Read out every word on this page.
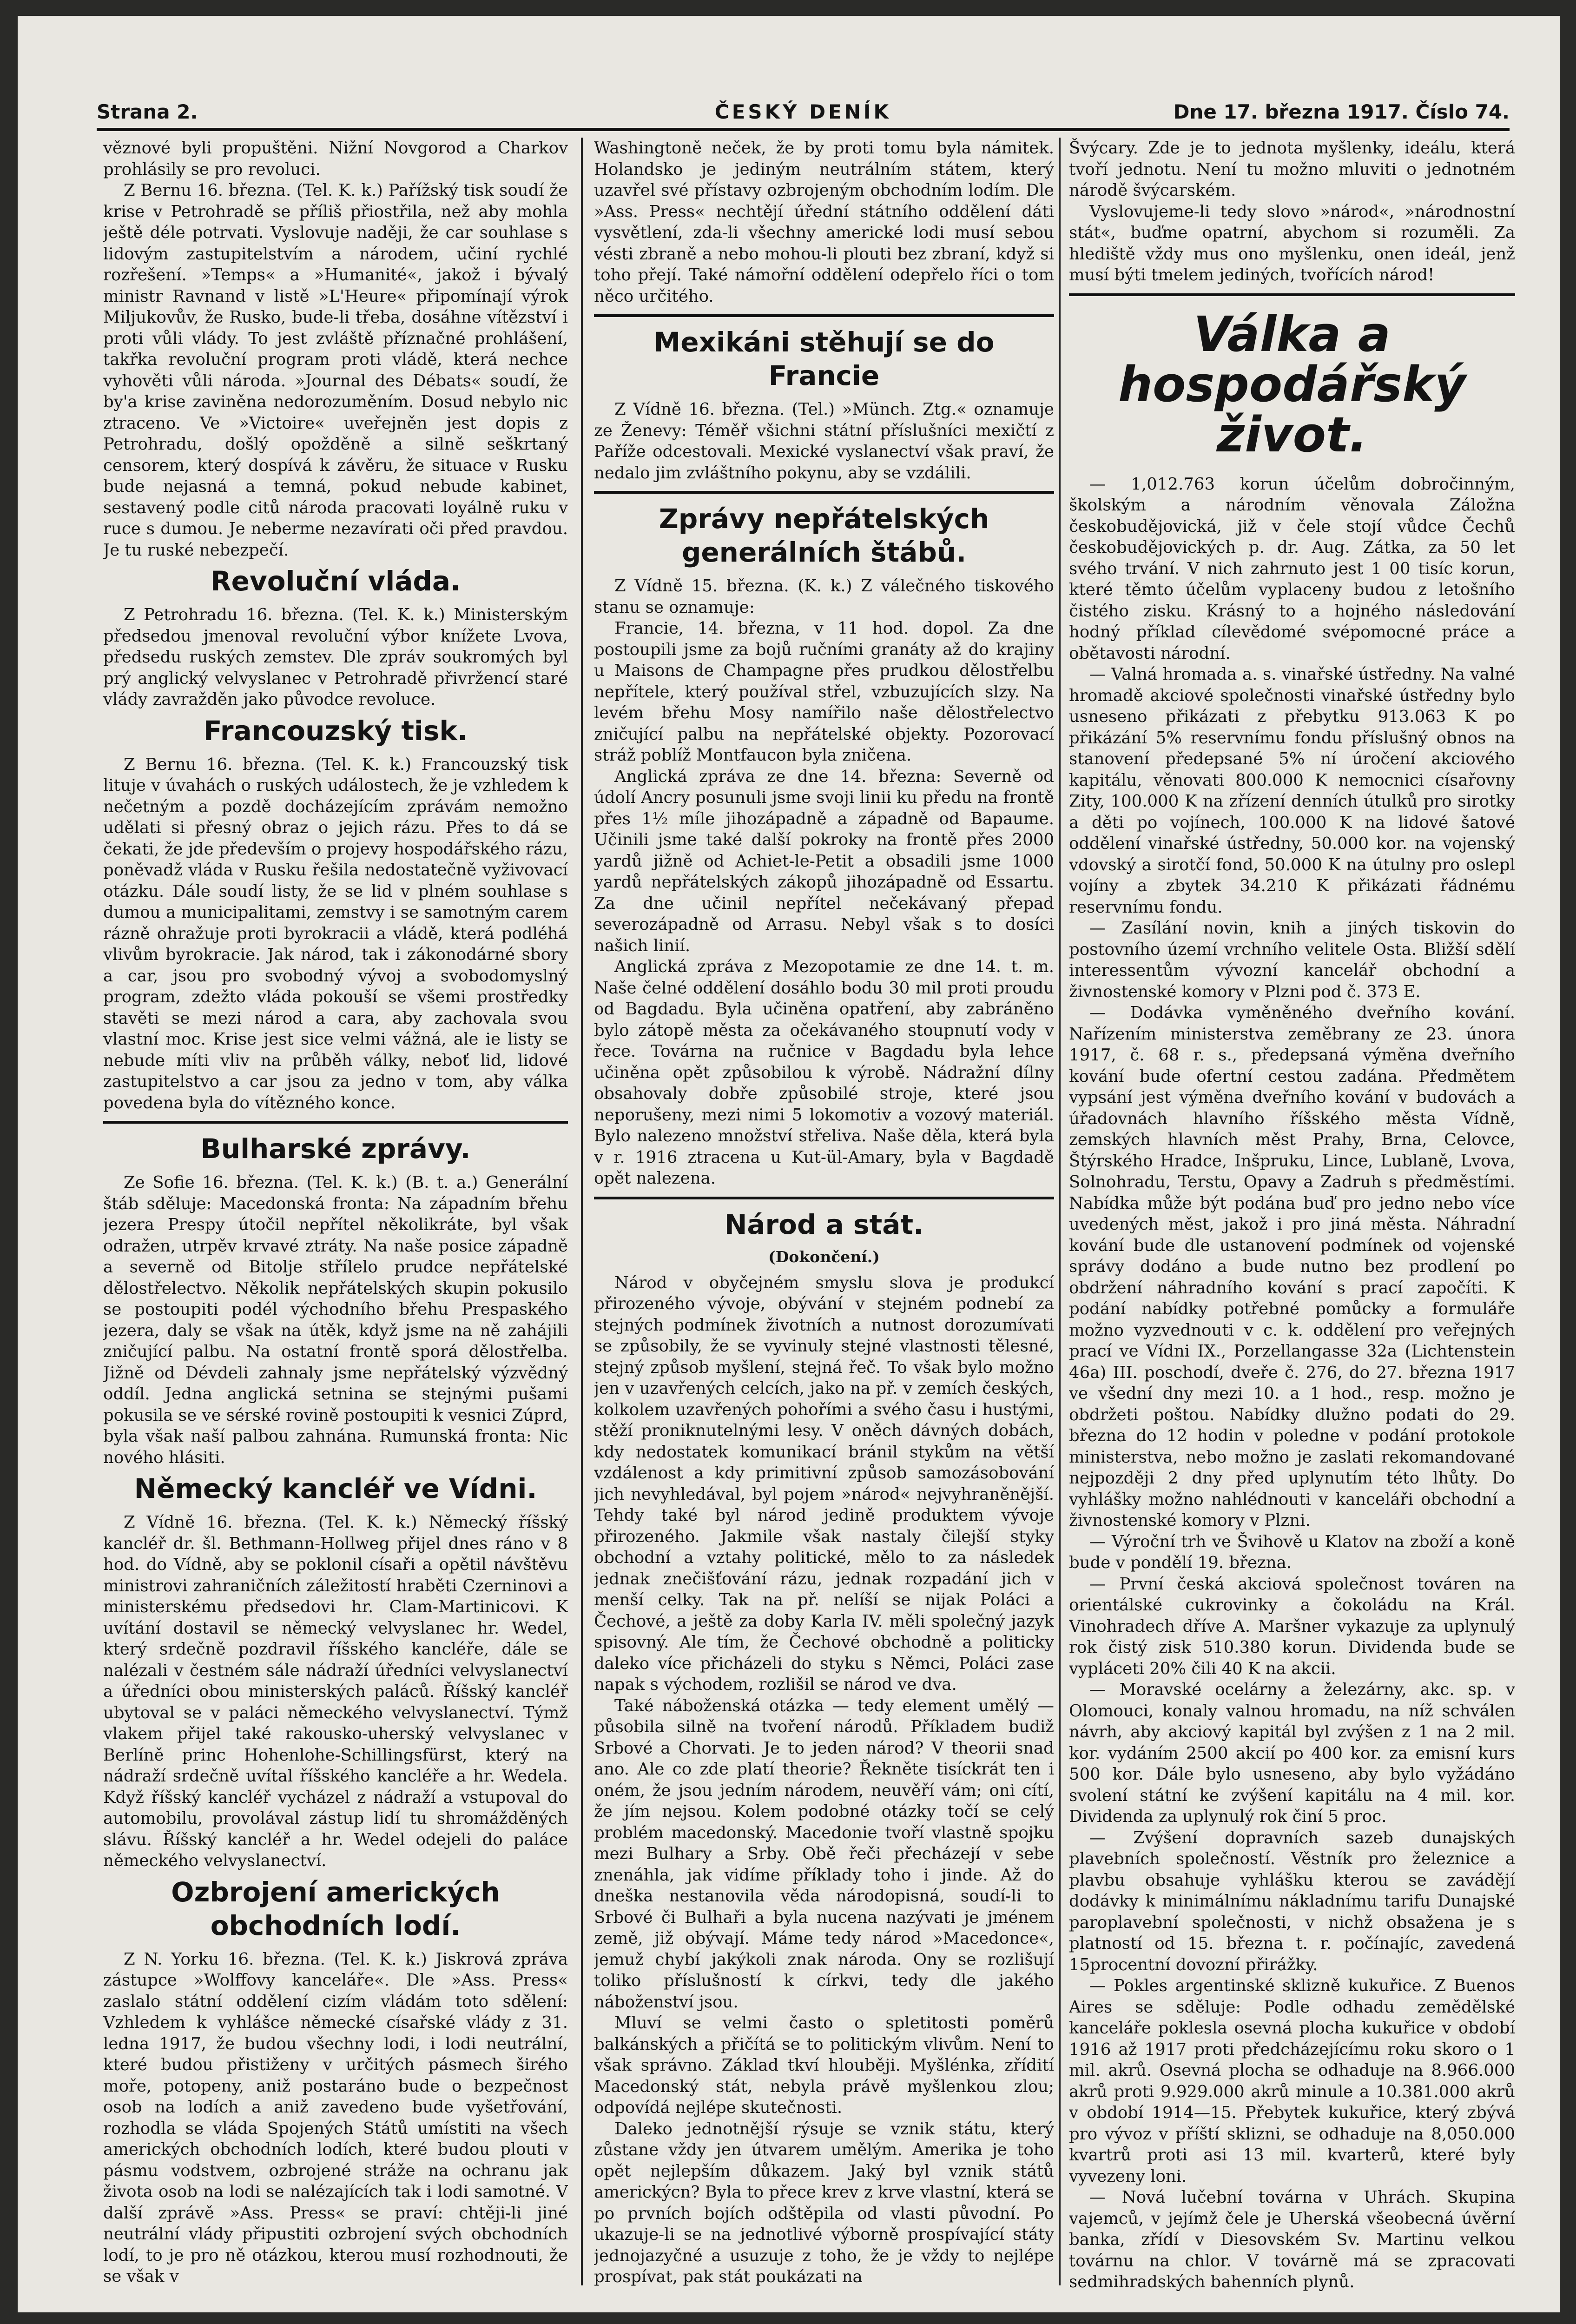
Strana 2.	ČESKÝ DENÍK	Dne 17. března 1917. Číslo 74.

věznové byli propuštěni. Nižní Novgorod a Charkov prohlásily se pro revoluci.

Z Bernu 16. března. (Tel. K. k.) Pařížský tisk soudí že krise v Petrohradě se příliš přiostřila, než aby mohla ještě déle potrvati. Vyslovuje naději, že car souhlase s lidovým zastupitelstvím a národem, učiní rychlé rozřešení. »Temps« a »Humanité«, jakož i bývalý ministr Ravnand v listě »L'Heure« připomínají výrok Miljukovův, že Rusko, bude-li třeba, dosáhne vítězství i proti vůli vlády. To jest zvláště příznačné prohlášení, takřka revoluční program proti vládě, která nechce vyhověti vůli národa. »Journal des Débats« soudí, že by'a krise zaviněna nedorozuměním. Dosud nebylo nic ztraceno. Ve »Victoire« uveřejněn jest dopis z Petrohradu, došlý opožděně a silně seškrtaný censorem, který dospívá k závěru, že situace v Rusku bude nejasná a temná, pokud nebude kabinet, sestavený podle citů národa pracovati loyálně ruku v ruce s dumou. Je neberme nezavírati oči před pravdou. Je tu ruské nebezpečí.

Revoluční vláda.

Z Petrohradu 16. března. (Tel. K. k.) Ministerským předsedou jmenoval revoluční výbor knížete Lvova, předsedu ruských zemstev. Dle zpráv soukromých byl prý anglický velvyslanec v Petrohradě přivržencí staré vlády zavražděn jako původce revoluce.

Francouzský tisk.

Z Bernu 16. března. (Tel. K. k.) Francouzský tisk lituje v úvahách o ruských událostech, že je vzhledem k nečetným a pozdě docházejícím zprávám nemožno udělati si přesný obraz o jejich rázu. Přes to dá se čekati, že jde především o projevy hospodářského rázu, poněvadž vláda v Rusku řešila nedostatečně vyživovací otázku. Dále soudí listy, že se lid v plném souhlase s dumou a municipalitami, zemstvy i se samotným carem rázně ohražuje proti byrokracii a vládě, která podléhá vlivům byrokracie. Jak národ, tak i zákonodárné sbory a car, jsou pro svobodný vývoj a svobodomyslný program, zdežto vláda pokouší se všemi prostředky stavěti se mezi národ a cara, aby zachovala svou vlastní moc. Krise jest sice velmi vážná, ale ie listy se nebude míti vliv na průběh války, neboť lid, lidové zastupitelstvo a car jsou za jedno v tom, aby válka povedena byla do vítězného konce.

Bulharské zprávy.

Ze Sofie 16. března. (Tel. K. k.) (B. t. a.) Generální štáb sděluje: Macedonská fronta: Na západním břehu jezera Prespy útočil nepřítel několikráte, byl však odražen, utrpěv krvavé ztráty. Na naše posice západně a severně od Bitolje střílelo prudce nepřátelské dělostřelectvo. Několik nepřátelských skupin pokusilo se postoupiti podél východního břehu Prespaského jezera, daly se však na útěk, když jsme na ně zahájili zničující palbu. Na ostatní frontě sporá dělostřelba. Jižně od Dévdeli zahnaly jsme nepřátelský výzvědný oddíl. Jedna anglická setnina se stejnými pušami pokusila se ve sérské rovině postoupiti k vesnici Zúprd, byla však naší palbou zahnána. Rumunská fronta: Nic nového hlásiti.

Německý kancléř ve Vídni.

Z Vídně 16. března. (Tel. K. k.) Německý říšský kancléř dr. šl. Bethmann-Hollweg přijel dnes ráno v 8 hod. do Vídně, aby se poklonil císaři a opětil návštěvu ministrovi zahraničních záležitostí hraběti Czerninovi a ministerskému předsedovi hr. Clam-Martinicovi. K uvítání dostavil se německý velvyslanec hr. Wedel, který srdečně pozdravil říšského kancléře, dále se nalézali v čestném sále nádraží úředníci velvyslanectví a úředníci obou ministerských paláců. Říšský kancléř ubytoval se v paláci německého velvyslanectví. Týmž vlakem přijel také rakousko-uherský velvyslanec v Berlíně princ Hohenlohe-Schillingsfürst, který na nádraží srdečně uvítal říšského kancléře a hr. Wedela. Když říšský kancléř vycházel z nádraží a vstupoval do automobilu, provolával zástup lidí tu shromážděných slávu. Říšský kancléř a hr. Wedel odejeli do paláce německého velvyslanectví.

Ozbrojení amerických obchodních lodí.

Z N. Yorku 16. března. (Tel. K. k.) Jiskrová zpráva zástupce »Wolffovy kanceláře«. Dle »Ass. Press« zaslalo státní oddělení cizím vládám toto sdělení: Vzhledem k vyhlášce německé císařské vlády z 31. ledna 1917, že budou všechny lodi, i lodi neutrální, které budou přistiženy v určitých pásmech širého moře, potopeny, aniž postaráno bude o bezpečnost osob na lodích a aniž zavedeno bude vyšetřování, rozhodla se vláda Spojených Států umístiti na všech amerických obchodních lodích, které budou plouti v pásmu vodstvem, ozbrojené stráže na ochranu jak života osob na lodi se nalézajících tak i lodi samotné. V další zprávě »Ass. Press« se praví: chtěji-li jiné neutrální vlády připustiti ozbrojení svých obchodních lodí, to je pro ně otázkou, kterou musí rozhodnouti, že se však v

Washingtoně neček, že by proti tomu byla námitek. Holandsko je jediným neutrálním státem, který uzavřel své přístavy ozbrojeným obchodním lodím. Dle »Ass. Press« nechtějí úřední státního oddělení dáti vysvětlení, zda-li všechny americké lodi musí sebou vésti zbraně a nebo mohou-li plouti bez zbraní, když si toho přejí. Také námořní oddělení odepřelo říci o tom něco určitého.

Mexikáni stěhují se do Francie

Z Vídně 16. března. (Tel.) »Münch. Ztg.« oznamuje ze Ženevy: Téměř všichni státní příslušníci mexičtí z Paříže odcestovali. Mexické vyslanectví však praví, že nedalo jim zvláštního pokynu, aby se vzdálili.

Zprávy nepřátelských generálních štábů.

Z Vídně 15. března. (K. k.) Z válečného tiskového stanu se oznamuje:

Francie, 14. března, v 11 hod. dopol. Za dne postoupili jsme za bojů ručními granáty až do krajiny u Maisons de Champagne přes prudkou dělostřelbu nepřítele, který používal střel, vzbuzujících slzy. Na levém břehu Mosy namířilo naše dělostřelectvo zničující palbu na nepřátelské objekty. Pozorovací stráž poblíž Montfaucon byla zničena.

Anglická zpráva ze dne 14. března: Severně od údolí Ancry posunuli jsme svoji linii ku předu na frontě přes 1½ míle jihozápadně a západně od Bapaume. Učinili jsme také další pokroky na frontě přes 2000 yardů jižně od Achiet-le-Petit a obsadili jsme 1000 yardů nepřátelských zákopů jihozápadně od Essartu. Za dne učinil nepřítel nečekávaný přepad severozápadně od Arrasu. Nebyl však s to dosíci našich linií.

Anglická zpráva z Mezopotamie ze dne 14. t. m. Naše čelné oddělení dosáhlo bodu 30 mil proti proudu od Bagdadu. Byla učiněna opatření, aby zabráněno bylo zátopě města za očekávaného stoupnutí vody v řece. Továrna na ručnice v Bagdadu byla lehce učiněna opět způsobilou k výrobě. Nádražní dílny obsahovaly dobře způsobilé stroje, které jsou neporušeny, mezi nimi 5 lokomotiv a vozový materiál. Bylo nalezeno množství střeliva. Naše děla, která byla v r. 1916 ztracena u Kut-ül-Amary, byla v Bagdadě opět nalezena.

Národ a stát.
(Dokončení.)

Národ v obyčejném smyslu slova je produkcí přirozeného vývoje, obývání v stejném podnebí za stejných podmínek životních a nutnost dorozumívati se způsobily, že se vyvinuly stejné vlastnosti tělesné, stejný způsob myšlení, stejná řeč. To však bylo možno jen v uzavřených celcích, jako na př. v zemích českých, kolkolem uzavřených pohořími a svého času i hustými, stěží proniknutelnými lesy. V oněch dávných dobách, kdy nedostatek komunikací bránil stykům na větší vzdálenost a kdy primitivní způsob samozásobování jich nevyhledával, byl pojem »národ« nejvyhraněnější. Tehdy také byl národ jedině produktem vývoje přirozeného. Jakmile však nastaly čilejší styky obchodní a vztahy politické, mělo to za následek jednak znečišťování rázu, jednak rozpadání jich v menší celky. Tak na př. nelíší se nijak Poláci a Čechové, a ještě za doby Karla IV. měli společný jazyk spisovný. Ale tím, že Čechové obchodně a politicky daleko více přicházeli do styku s Němci, Poláci zase napak s východem, rozlišil se národ ve dva.

Také náboženská otázka — tedy element umělý — působila silně na tvoření národů. Příkladem budiž Srbové a Chorvati. Je to jeden národ? V theorii snad ano. Ale co zde platí theorie? Řekněte tisíckrát ten i oném, že jsou jedním národem, neuvěří vám; oni cítí, že jím nejsou. Kolem podobné otázky točí se celý problém macedonský. Macedonie tvoří vlastně spojku mezi Bulhary a Srby. Obě řeči přecházejí v sebe znenáhla, jak vidíme příklady toho i jinde. Až do dneška nestanovila věda národopisná, soudí-li to Srbové či Bulhaři a byla nucena nazývati je jménem země, již obývají. Máme tedy národ »Macedonce«, jemuž chybí jakýkoli znak národa. Ony se rozlišují toliko příslušností k církvi, tedy dle jakého náboženství jsou.

Mluví se velmi často o spletitosti poměrů balkánských a přičítá se to politickým vlivům. Není to však správno. Základ tkví hlouběji. Myšlénka, zřídití Macedonský stát, nebyla právě myšlenkou zlou; odpovídá nejlépe skutečnosti.

Daleko jednotnější rýsuje se vznik státu, který zůstane vždy jen útvarem umělým. Amerika je toho opět nejlepším důkazem. Jaký byl vznik států americkýcn? Byla to přece krev z krve vlastní, která se po prvních bojích odštěpila od vlasti původní. Po ukazuje-li se na jednotlivé výborně prospívající státy jednojazyčné a usuzuje z toho, že je vždy to nejlépe prospívat, pak stát poukázati na

Švýcary. Zde je to jednota myšlenky, ideálu, která tvoří jednotu. Není tu možno mluviti o jednotném národě švýcarském.

Vyslovujeme-li tedy slovo »národ«, »národnostní stát«, buďme opatrní, abychom si rozuměli. Za hlediště vždy mus ono myšlenku, onen ideál, jenž musí býti tmelem jediných, tvořících národ!

Válka a hospodářský život.

— 1,012.763 korun účelům dobročinným, školským a národním věnovala Záložna českobudějovická, již v čele stojí vůdce Čechů českobudějovických p. dr. Aug. Zátka, za 50 let svého trvání. V nich zahrnuto jest 1 00 tisíc korun, které těmto účelům vyplaceny budou z letošního čistého zisku. Krásný to a hojného následování hodný příklad cílevědomé svépomocné práce a obětavosti národní.

— Valná hromada a. s. vinařské ústředny. Na valné hromadě akciové společnosti vinařské ústředny bylo usneseno přikázati z přebytku 913.063 K po přikázání 5% reservnímu fondu příslušný obnos na stanovení předepsané 5% ní úročení akciového kapitálu, věnovati 800.000 K nemocnici císařovny Zity, 100.000 K na zřízení denních útulků pro sirotky a děti po vojínech, 100.000 K na lidové šatové oddělení vinařské ústředny, 50.000 kor. na vojenský vdovský a sirotčí fond, 50.000 K na útulny pro oslepl vojíny a zbytek 34.210 K přikázati řádnému reservnímu fondu.

— Zasílání novin, knih a jiných tiskovin do postovního území vrchního velitele Osta. Bližší sdělí interessentům vývozní kancelář obchodní a živnostenské komory v Plzni pod č. 373 E.

— Dodávka vyměněného dveřního kování. Nařízením ministerstva zeměbrany ze 23. února 1917, č. 68 r. s., předepsaná výměna dveřního kování bude ofertní cestou zadána. Předmětem vypsání jest výměna dveřního kování v budovách a úřadovnách hlavního říšského města Vídně, zemských hlavních měst Prahy, Brna, Celovce, Štýrského Hradce, Inšpruku, Lince, Lublaně, Lvova, Solnohradu, Terstu, Opavy a Zadruh s předměstími. Nabídka může být podána buď pro jedno nebo více uvedených měst, jakož i pro jiná města. Náhradní kování bude dle ustanovení podmínek od vojenské správy dodáno a bude nutno bez prodlení po obdržení náhradního kování s prací započíti. K podání nabídky potřebné pomůcky a formuláře možno vyzvednouti v c. k. oddělení pro veřejných prací ve Vídni IX., Porzellangasse 32a (Lichtenstein 46a) III. poschodí, dveře č. 276, do 27. března 1917 ve všední dny mezi 10. a 1 hod., resp. možno je obdržeti poštou. Nabídky dlužno podati do 29. března do 12 hodin v poledne v podání protokole ministerstva, nebo možno je zaslati rekomandované nejpozději 2 dny před uplynutím této lhůty. Do vyhlášky možno nahlédnouti v kanceláři obchodní a živnostenské komory v Plzni.

— Výroční trh ve Švihově u Klatov na zboží a koně bude v pondělí 19. března.

— První česká akciová společnost továren na orientálské cukrovinky a čokoládu na Král. Vinohradech dříve A. Maršner vykazuje za uplynulý rok čistý zisk 510.380 korun. Dividenda bude se vypláceti 20% čili 40 K na akcii.

— Moravské ocelárny a železárny, akc. sp. v Olomouci, konaly valnou hromadu, na níž schválen návrh, aby akciový kapitál byl zvýšen z 1 na 2 mil. kor. vydáním 2500 akcií po 400 kor. za emisní kurs 500 kor. Dále bylo usneseno, aby bylo vyžádáno svolení státní ke zvýšení kapitálu na 4 mil. kor. Dividenda za uplynulý rok činí 5 proc.

— Zvýšení dopravních sazeb dunajských plavebních společností. Věstník pro železnice a plavbu obsahuje vyhlášku kterou se zavádějí dodávky k minimálnímu nákladnímu tarifu Dunajské paroplavební společnosti, v nichž obsažena je s platností od 15. března t. r. počínajíc, zavedená 15procentní dovozní přirážky.

— Pokles argentinské sklizně kukuřice. Z Buenos Aires se sděluje: Podle odhadu zemědělské kanceláře poklesla osevná plocha kukuřice v období 1916 až 1917 proti předcházejícímu roku skoro o 1 mil. akrů. Osevná plocha se odhaduje na 8.966.000 akrů proti 9.929.000 akrů minule a 10.381.000 akrů v období 1914—15. Přebytek kukuřice, který zbývá pro vývoz v příští sklizni, se odhaduje na 8,050.000 kvartrů proti asi 13 mil. kvarterů, které byly vyvezeny loni.

— Nová lučební továrna v Uhrách. Skupina vajemců, v jejímž čele je Uherská všeobecná úvěrní banka, zřídí v Diesovském Sv. Martinu velkou továrnu na chlor. V továrně má se zpracovati sedmihradských bahenních plynů.
